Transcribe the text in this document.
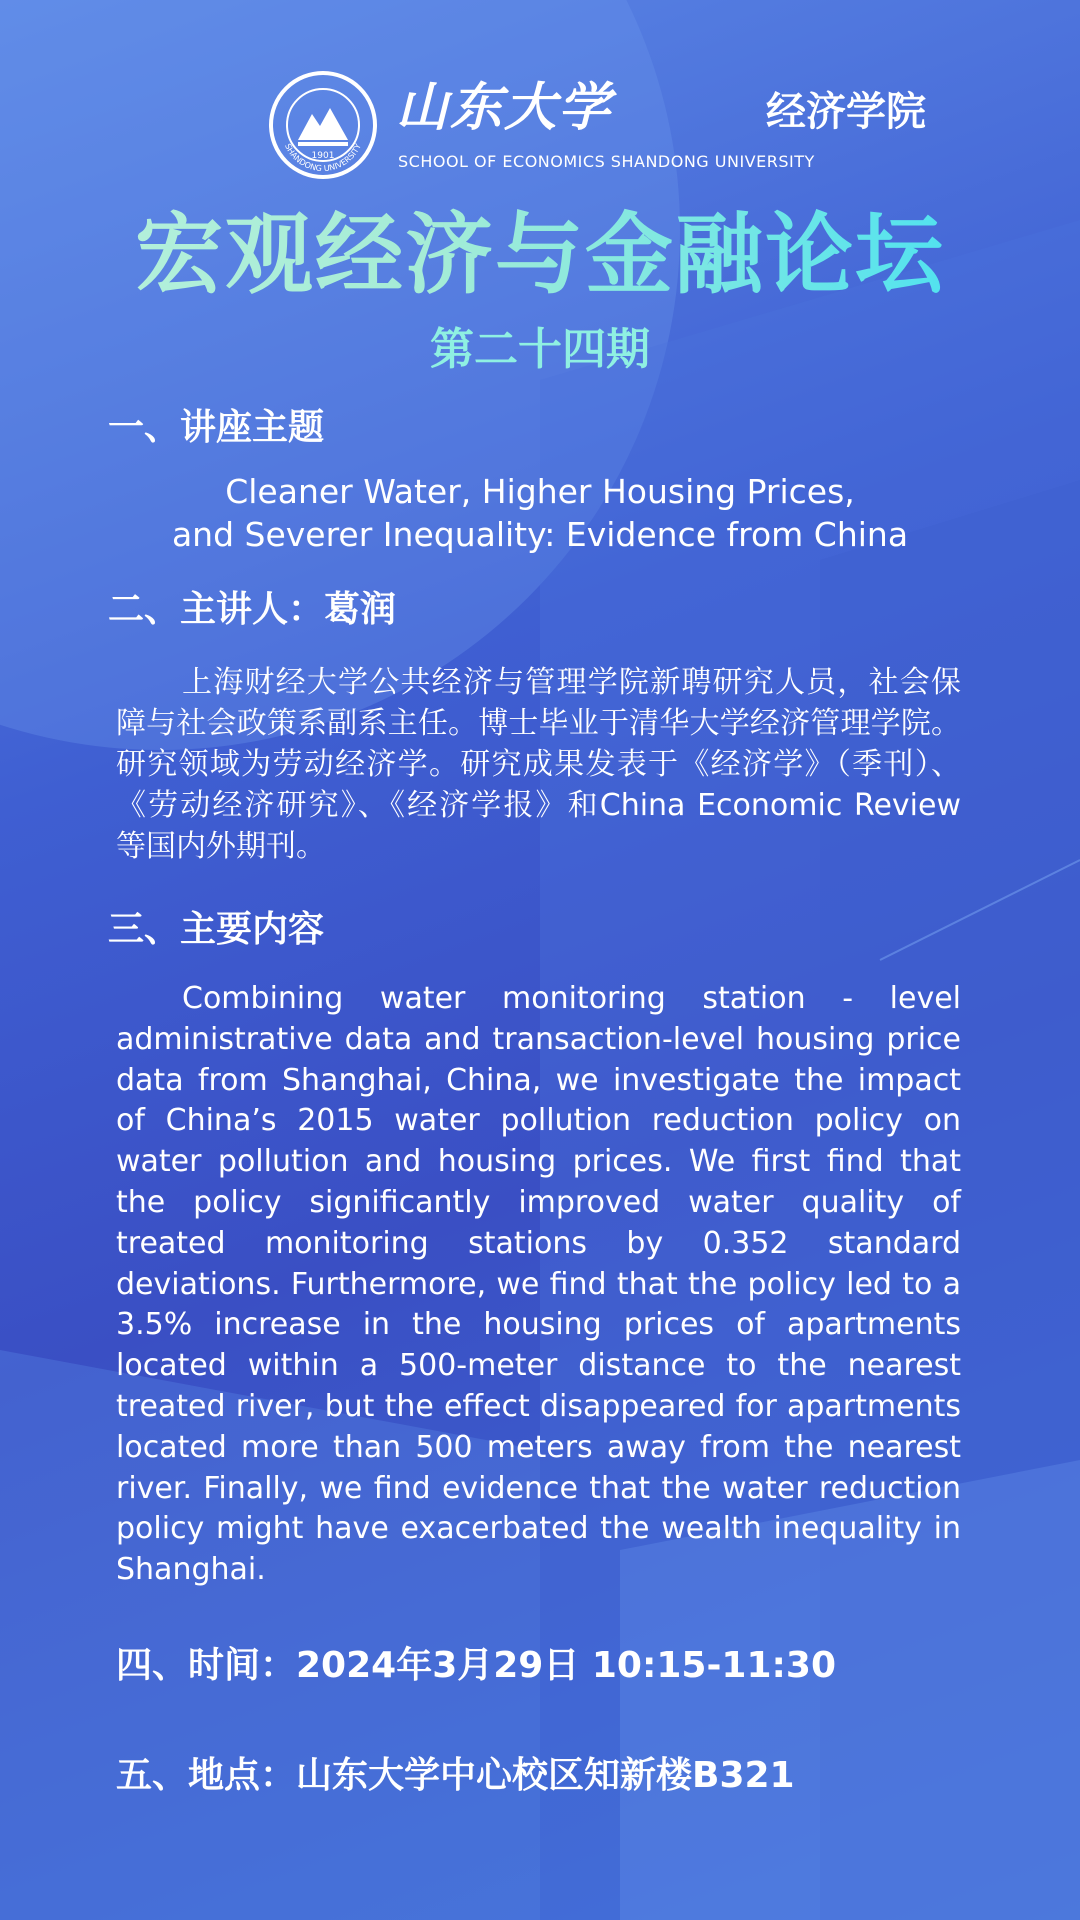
1901
SHANDONG UNIVERSITY
山东大学	经济学院
SCHOOL OF ECONOMICS SHANDONG UNIVERSITY
宏观经济与金融论坛
第二十四期
一、讲座主题
Cleaner Water, Higher Housing Prices,
and Severer Inequality: Evidence from China
二、主讲人：葛润
上海财经大学公共经济与管理学院新聘研究人员，社会保障与社会政策系副系主任。博士毕业于清华大学经济管理学院。研究领域为劳动经济学。研究成果发表于《经济学》（季刊）、《劳动经济研究》、《经济学报》和China Economic Review 等国内外期刊。
三、主要内容
Combining water monitoring station - level administrative data and transaction-level housing price data from Shanghai, China, we investigate the impact of China’s 2015 water pollution reduction policy on water pollution and housing prices. We first find that the policy significantly improved water quality of treated monitoring stations by 0.352 standard deviations. Furthermore, we find that the policy led to a 3.5% increase in the housing prices of apartments located within a 500-meter distance to the nearest treated river, but the effect disappeared for apartments located more than 500 meters away from the nearest river. Finally, we find evidence that the water reduction policy might have exacerbated the wealth inequality in Shanghai.
四、时间：2024年3月29日 10:15-11:30
五、地点：山东大学中心校区知新楼B321
